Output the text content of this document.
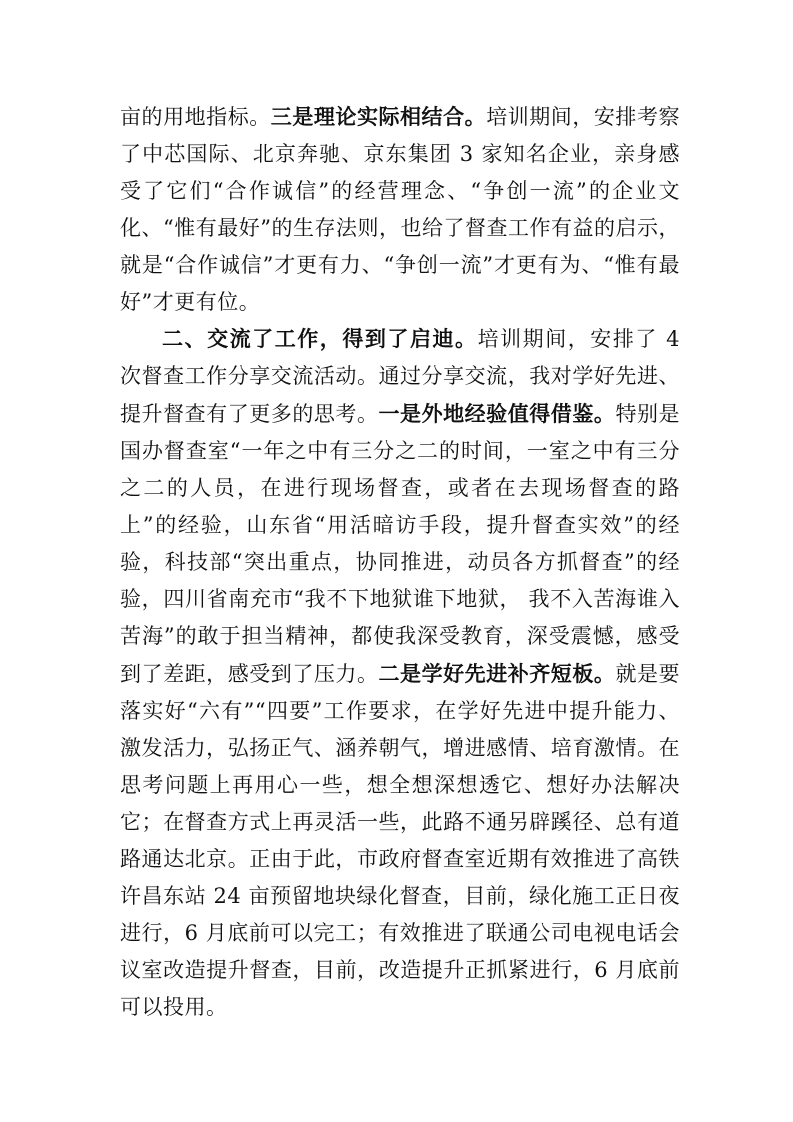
亩的用地指标。三是理论实际相结合。培训期间，安排考察了中芯国际、北京奔驰、京东集团 3 家知名企业，亲身感受了它们“合作诚信”的经营理念、“争创一流”的企业文化、“惟有最好”的生存法则，也给了督查工作有益的启示，就是“合作诚信”才更有力、“争创一流”才更有为、“惟有最好”才更有位。

二、交流了工作，得到了启迪。培训期间，安排了 4 次督查工作分享交流活动。通过分享交流，我对学好先进、提升督查有了更多的思考。一是外地经验值得借鉴。特别是国办督查室“一年之中有三分之二的时间，一室之中有三分之二的人员，在进行现场督查，或者在去现场督查的路上”的经验，山东省“用活暗访手段，提升督查实效”的经验，科技部“突出重点，协同推进，动员各方抓督查”的经验，四川省南充市“我不下地狱谁下地狱， 我不入苦海谁入苦海”的敢于担当精神，都使我深受教育，深受震憾，感受到了差距，感受到了压力。二是学好先进补齐短板。就是要落实好“六有”“四要”工作要求，在学好先进中提升能力、激发活力，弘扬正气、涵养朝气，增进感情、培育激情。在思考问题上再用心一些，想全想深想透它、想好办法解决它；在督查方式上再灵活一些，此路不通另辟蹊径、总有道路通达北京。正由于此，市政府督查室近期有效推进了高铁许昌东站 24 亩预留地块绿化督查，目前，绿化施工正日夜进行，6 月底前可以完工；有效推进了联通公司电视电话会议室改造提升督查，目前，改造提升正抓紧进行，6 月底前可以投用。
